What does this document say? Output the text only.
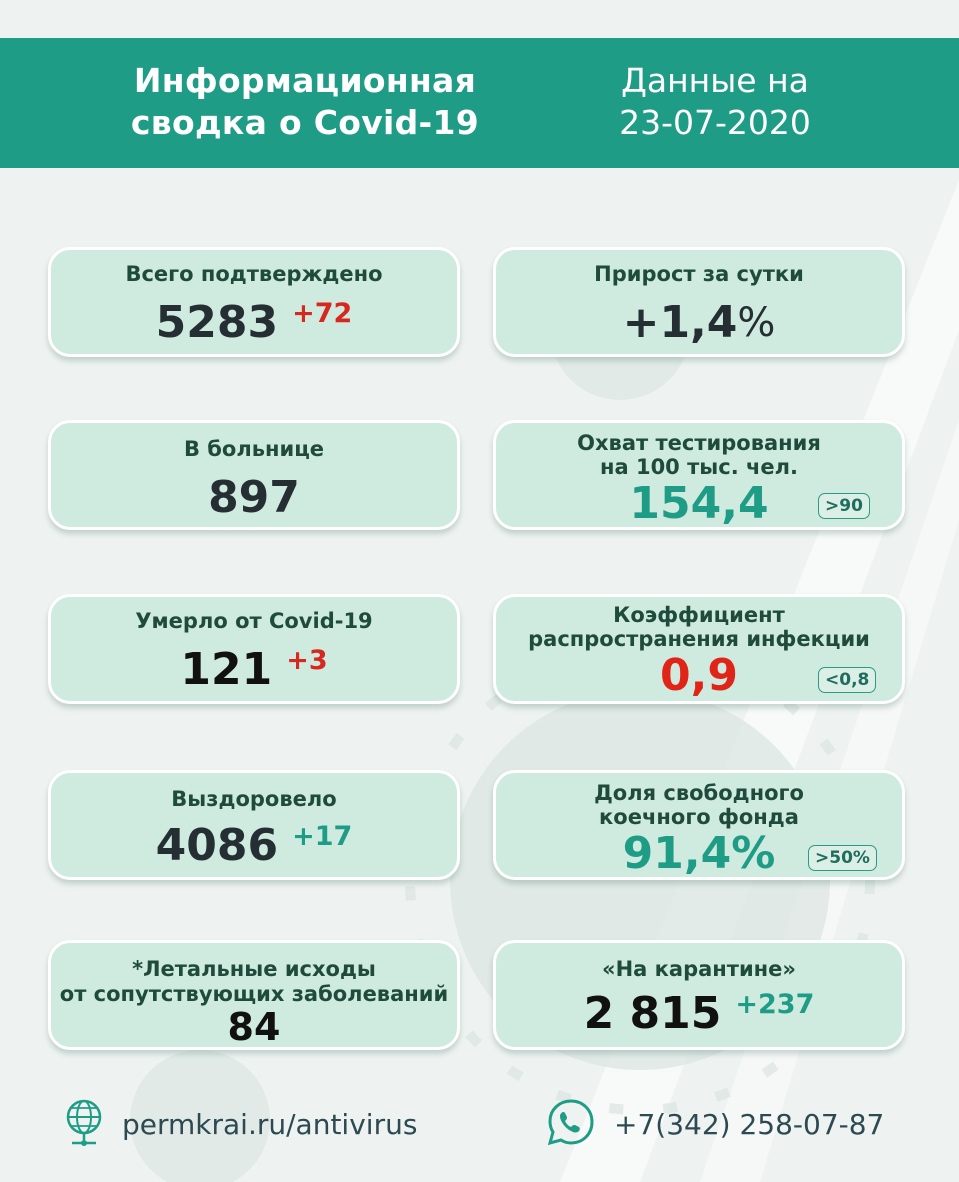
Информационная
сводка о Covid-19
Данные на
23-07-2020
Всего подтверждено
5283 +72
Прирост за сутки
+1,4%
В больнице
897
Охват тестирования
на 100 тыс. чел.
154,4	>90
Умерло от Covid-19
121 +3
Коэффициент
распространения инфекции
0,9	<0,8
Выздоровело
4086 +17
Доля свободного
коечного фонда
91,4%	>50%
*Летальные исходы
от сопутствующих заболеваний
84
«На карантине»
2 815 +237
permkrai.ru/antivirus	+7(342) 258-07-87
